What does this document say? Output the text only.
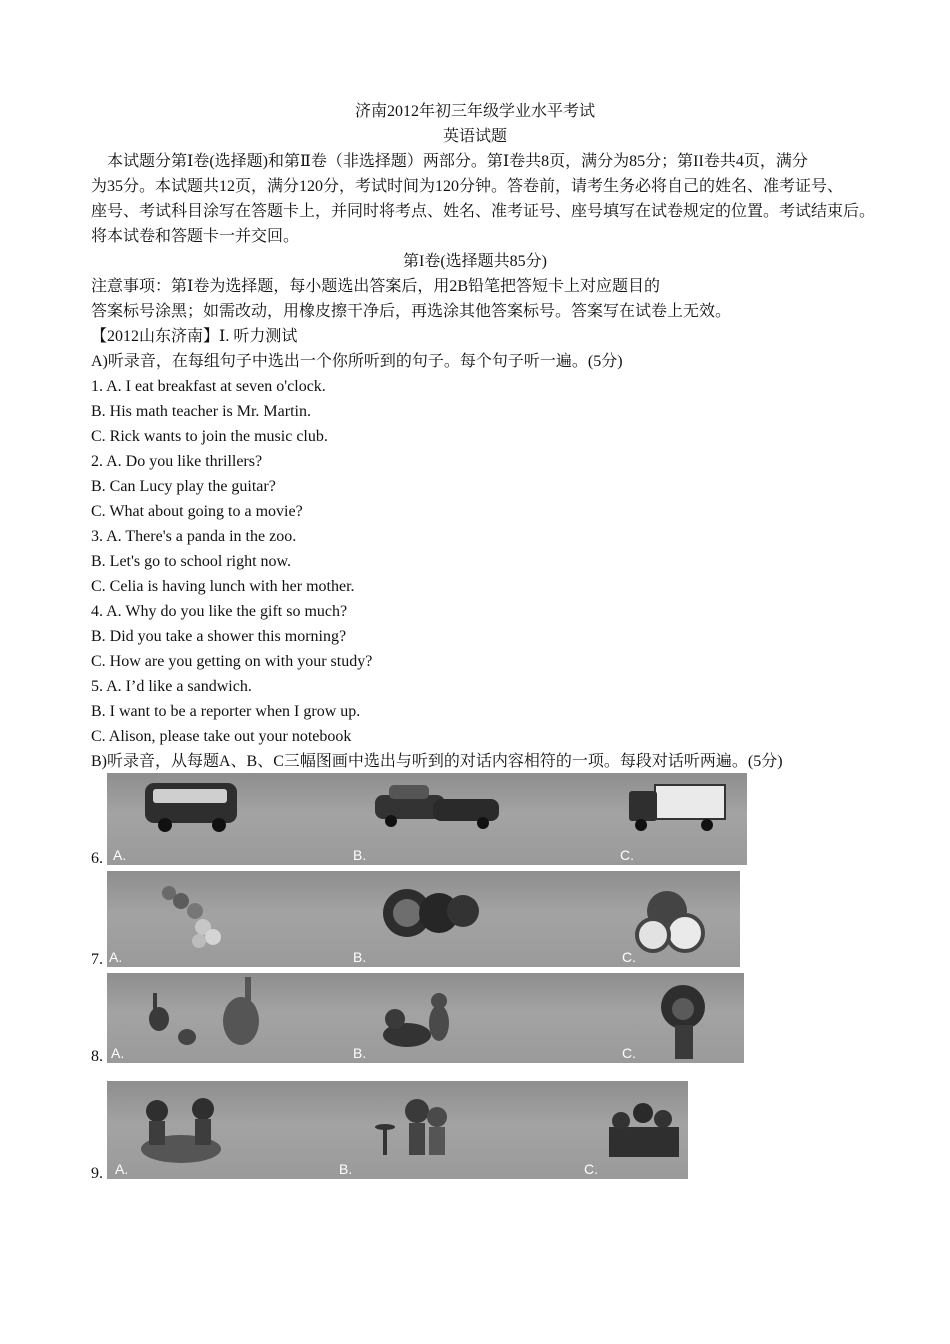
济南2012年初三年级学业水平考试
英语试题
本试题分第Ⅰ卷(选择题)和第Ⅱ卷（非选择题）两部分。第Ⅰ卷共8页，满分为85分；第II卷共4页，满分
为35分。本试题共12页，满分120分，考试时间为120分钟。答卷前，请考生务必将自己的姓名、准考证号、
座号、考试科目涂写在答题卡上，并同时将考点、姓名、准考证号、座号填写在试卷规定的位置。考试结束后。
将本试卷和答题卡一并交回。
第I卷(选择题共85分)
注意事项：第Ⅰ卷为选择题，每小题选出答案后，用2B铅笔把答短卡上对应题目的
答案标号涂黑；如需改动，用橡皮擦干净后，再选涂其他答案标号。答案写在试卷上无效。
【2012山东济南】Ⅰ. 听力测试
A)听录音，在每组句子中选出一个你所听到的句子。每个句子听一遍。(5分)
1. A. I eat breakfast at seven o'clock.
B. His math teacher is Mr. Martin.
C. Rick wants to join the music club.
2. A. Do you like thrillers?
B. Can Lucy play the guitar?
C. What about going to a movie?
3. A. There's a panda in the zoo.
B. Let's go to school right now.
C. Celia is having lunch with her mother.
4. A. Why do you like the gift so much?
B. Did you take a shower this morning?
C. How are you getting on with your study?
5. A. I’d like a sandwich.
B. I want to be a reporter when I grow up.
C. Alison, please take out your notebook
B)听录音，从每题A、B、C三幅图画中选出与听到的对话内容相符的一项。每段对话听两遍。(5分)
6. A.	B.	C.
7. A.	B.	C.
8. A.	B.	C.
9. A.	B.	C.
